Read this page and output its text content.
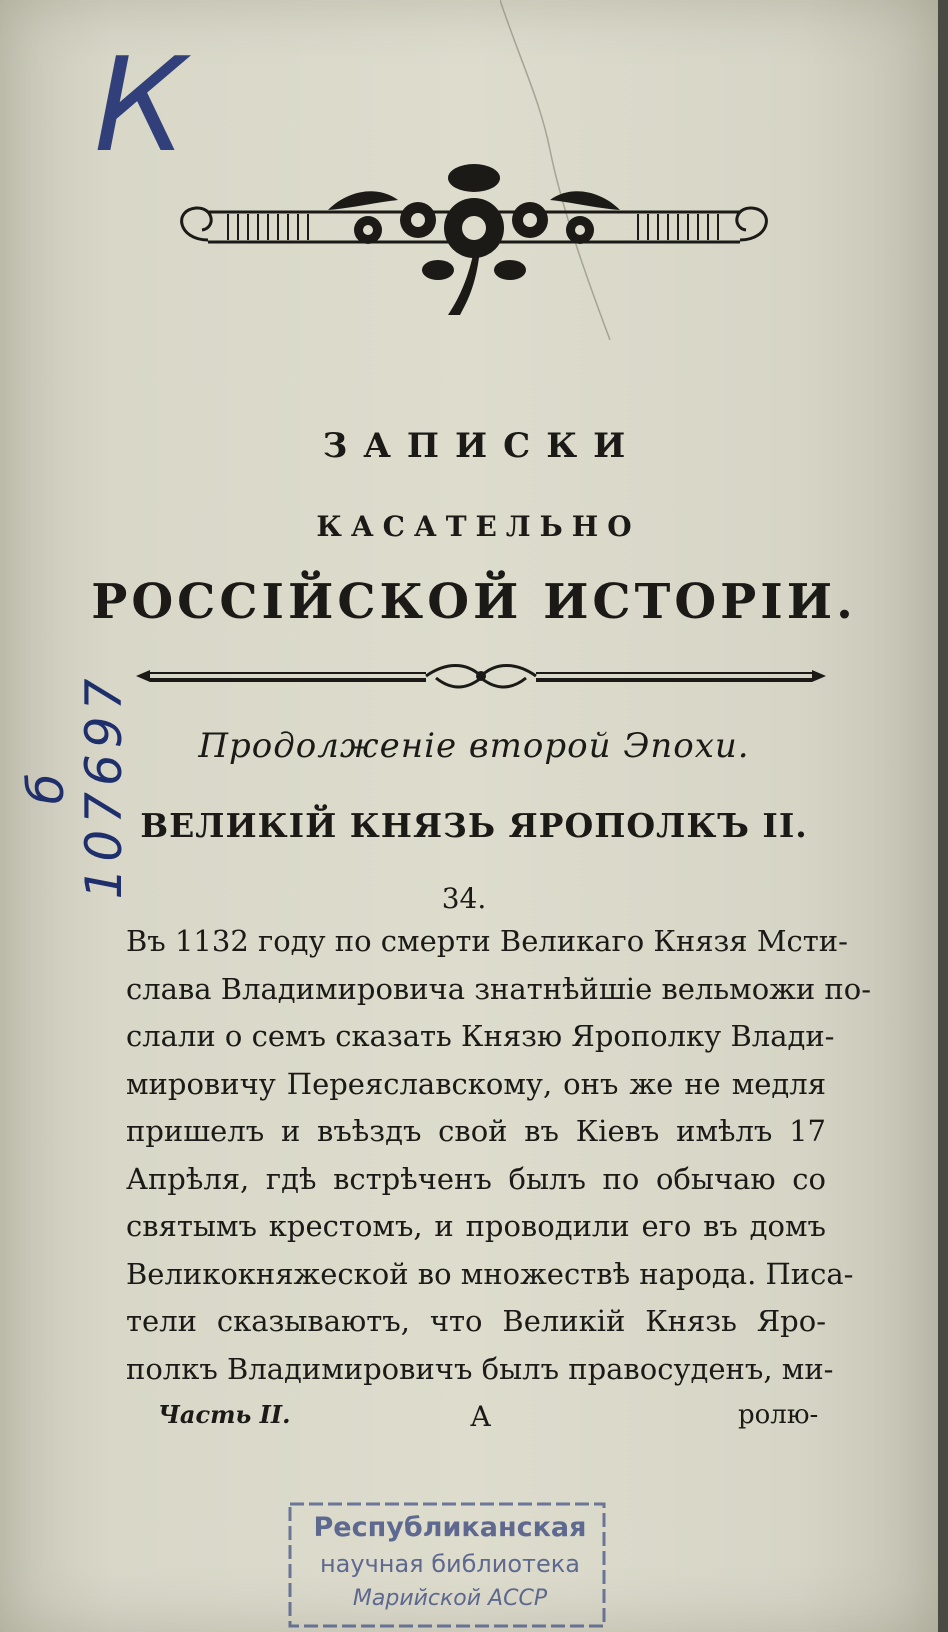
К

ЗАПИСКИ

КАСАТЕЛЬНО

РОССІЙСКОЙ ИСТОРІИ.

Продолженіе второй Эпохи.

ВЕЛИКІЙ КНЯЗЬ ЯРОПОЛКЪ II.

34.

Въ 1132 году по смерти Великаго Князя Мсти-
слава Владимировича знатнѣйшіе вельможи по-
слали о семъ сказать Князю Ярополку Влади-
мировичу Переяславскому, онъ же не медля
пришелъ и въѣздъ свой въ Кіевъ имѣлъ 17
Апрѣля, гдѣ встрѣченъ былъ по обычаю со
святымъ крестомъ, и проводили его въ домъ
Великокняжеской во множествѣ народа. Писа-
тели сказываютъ, что Великій Князь Яро-
полкъ Владимировичъ былъ правосуденъ, ми-
Часть II.	А	ролю-

Республиканская

научная библиотека

Марийской АССР

б 107697
